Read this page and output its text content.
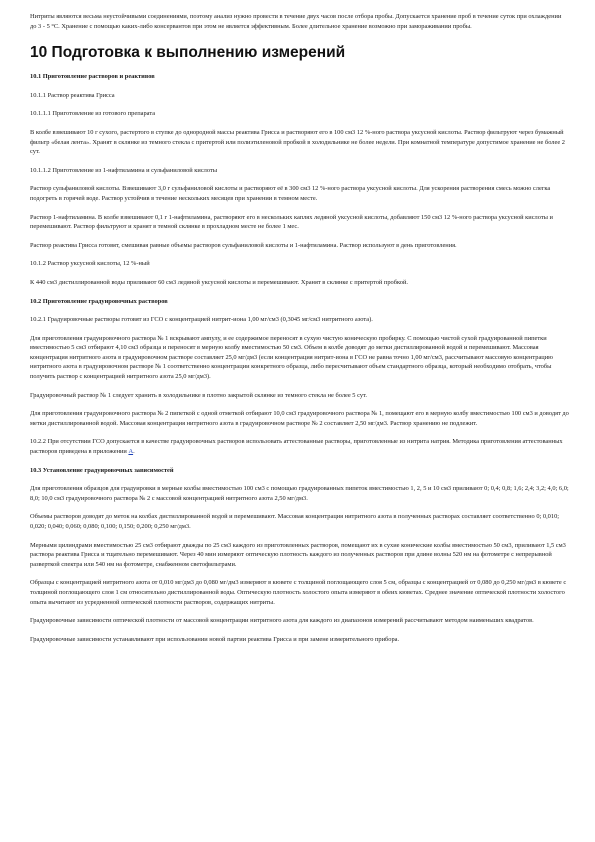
Нитриты являются весьма неустойчивыми соединениями, поэтому анализ нужно провести в течение двух часов после отбора пробы. Допускается хранение проб в течение суток при охлаждении до 3 - 5 °С. Хранение с помощью каких-либо консервантов при этом не является эффективным. Более длительное хранение возможно при замораживании пробы.

10 Подготовка к выполнению измерений

10.1 Приготовление растворов и реактивов

10.1.1 Раствор реактива Грисса

10.1.1.1 Приготовление из готового препарата

В колбе взвешивают 10 г сухого, растертого в ступке до однородной массы реактива Грисса и растворяют его в 100 см3 12 %-ного раствора уксусной кислоты. Раствор фильтруют через бумажный фильтр «белая лента». Хранят в склянке из темного стекла с притертой или полиэтиленовой пробкой в холодильнике не более недели. При комнатной температуре допустимое хранение не более 2 сут.

10.1.1.2 Приготовление из 1-нафтиламина и сульфаниловой кислоты

Раствор сульфаниловой кислоты. Взвешивают 3,0 г сульфаниловой кислоты и растворяют её в 300 см3 12 %-ного раствора уксусной кислоты. Для ускорения растворения смесь можно слегка подогреть в горячей воде. Раствор устойчив в течение нескольких месяцев при хранении в темном месте.

Раствор 1-нафтиламина. В колбе взвешивают 0,1 г 1-нафтиламина, растворяют его в нескольких каплях ледяной уксусной кислоты, добавляют 150 см3 12 %-ного раствора уксусной кислоты и перемешивают. Раствор фильтруют и хранят в темной склянке в прохладном месте не более 1 мес.

Раствор реактива Грисса готовят, смешивая равные объемы растворов сульфаниловой кислоты и 1-нафтиламина. Раствор используют в день приготовления.

10.1.2 Раствор уксусной кислоты, 12 %-ный

К 440 см3 дистиллированной воды приливают 60 см3 ледяной уксусной кислоты и перемешивают. Хранят в склянке с притертой пробкой.

10.2 Приготовление градуировочных растворов

10.2.1 Градуировочные растворы готовят из ГСО с концентрацией нитрит-иона 1,00 мг/см3 (0,3045 мг/см3 нитритного азота).

Для приготовления градуировочного раствора № 1 вскрывают ампулу, и ее содержимое переносят в сухую чистую коническую пробирку. С помощью чистой сухой градуированной пипетки вместимостью 5 см3 отбирают 4,10 см3 образца и переносят в мерную колбу вместимостью 50 см3. Объем в колбе доводят до метки дистиллированной водой и перемешивают. Массовая концентрация нитритного азота в градуировочном растворе составляет 25,0 мг/дм3 (если концентрация нитрит-иона в ГСО не равна точно 1,00 мг/см3, рассчитывают массовую концентрацию нитритного азота в градуировочном растворе № 1 соответственно концентрации конкретного образца, либо пересчитывают объем стандартного образца, который необходимо отобрать, чтобы получить раствор с концентрацией нитритного азота 25,0 мг/дм3).

Градуировочный раствор № 1 следует хранить в холодильнике в плотно закрытой склянке из темного стекла не более 5 сут.

Для приготовления градуировочного раствора № 2 пипеткой с одной отметкой отбирают 10,0 см3 градуировочного раствора № 1, помещают его в мерную колбу вместимостью 100 см3 и доводят до метки дистиллированной водой. Массовая концентрация нитритного азота в градуировочном растворе № 2 составляет 2,50 мг/дм3. Раствор хранению не подлежит.

10.2.2 При отсутствии ГСО допускается в качестве градуировочных растворов использовать аттестованные растворы, приготовленные из нитрита натрия. Методика приготовления аттестованных растворов приведена в приложении А.

10.3 Установление градуировочных зависимостей

Для приготовления образцов для градуировки в мерные колбы вместимостью 100 см3 с помощью градуированных пипеток вместимостью 1, 2, 5 и 10 см3 приливают 0; 0,4; 0,8; 1,6; 2,4; 3,2; 4,0; 6,0; 8,0; 10,0 см3 градуировочного раствора № 2 с массовой концентрацией нитритного азота 2,50 мг/дм3.

Объемы растворов доводят до меток на колбах дистиллированной водой и перемешивают. Массовая концентрация нитритного азота в полученных растворах составляет соответственно 0; 0,010; 0,020; 0,040; 0,060; 0,080; 0,100; 0,150; 0,200; 0,250 мг/дм3.

Мерными цилиндрами вместимостью 25 см3 отбирают дважды по 25 см3 каждого из приготовленных растворов, помещают их в сухие конические колбы вместимостью 50 см3, приливают 1,5 см3 раствора реактива Грисса и тщательно перемешивают. Через 40 мин измеряют оптическую плотность каждого из полученных растворов при длине волны 520 нм на фотометре с непрерывной разверткой спектра или 540 нм на фотометре, снабженном светофильтрами.

Образцы с концентрацией нитритного азота от 0,010 мг/дм3 до 0,080 мг/дм3 измеряют в кювете с толщиной поглощающего слоя 5 см, образцы с концентрацией от 0,080 до 0,250 мг/дм3 в кювете с толщиной поглощающего слоя 1 см относительно дистиллированной воды. Оптическую плотность холостого опыта измеряют в обеих кюветах. Среднее значение оптической плотности холостого опыта вычитают из усредненной оптической плотности растворов, содержащих нитриты.

Градуировочные зависимости оптической плотности от массовой концентрации нитритного азота для каждого из диапазонов измерений рассчитывают методом наименьших квадратов.

Градуировочные зависимости устанавливают при использовании новой партии реактива Грисса и при замене измерительного прибора.
